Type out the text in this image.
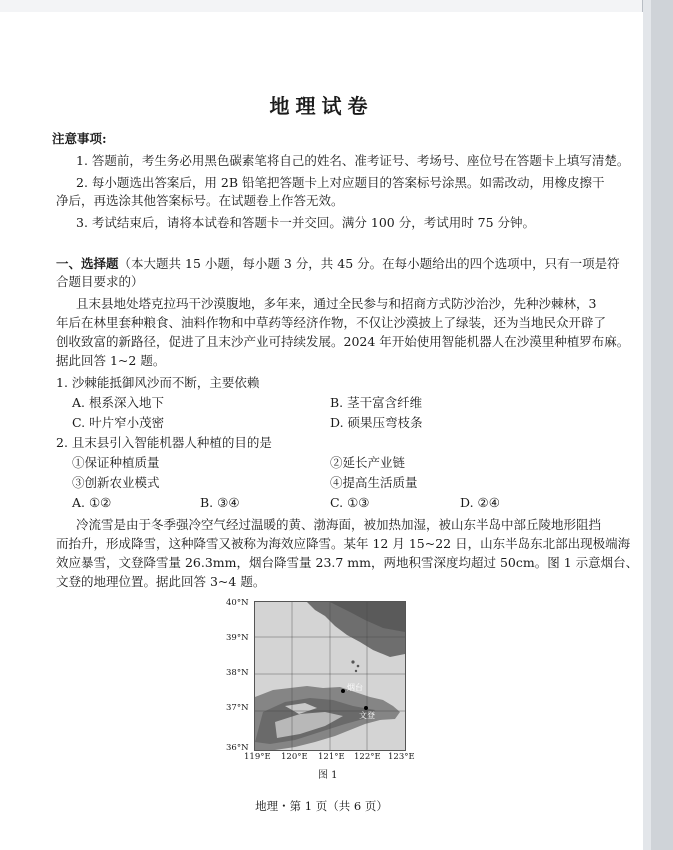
地理试卷
注意事项:
1. 答题前，考生务必用黑色碳素笔将自己的姓名、准考证号、考场号、座位号在答题卡上填写清楚。
2. 每小题选出答案后，用 2B 铅笔把答题卡上对应题目的答案标号涂黑。如需改动，用橡皮擦干
净后，再选涂其他答案标号。在试题卷上作答无效。
3. 考试结束后，请将本试卷和答题卡一并交回。满分 100 分，考试用时 75 分钟。
一、选择题（本大题共 15 小题，每小题 3 分，共 45 分。在每小题给出的四个选项中，只有一项是符
合题目要求的）
且末县地处塔克拉玛干沙漠腹地，多年来，通过全民参与和招商方式防沙治沙，先种沙棘林，3
年后在林里套种粮食、油料作物和中草药等经济作物，不仅让沙漠披上了绿装，还为当地民众开辟了
创收致富的新路径，促进了且末沙产业可持续发展。2024 年开始使用智能机器人在沙漠里种植罗布麻。
据此回答 1~2 题。
1. 沙棘能抵御风沙而不断，主要依赖
A. 根系深入地下	B. 茎干富含纤维
C. 叶片窄小茂密	D. 硕果压弯枝条
2. 且末县引入智能机器人种植的目的是
①保证种植质量	②延长产业链
③创新农业模式	④提高生活质量
A. ①②	B. ③④	C. ①③	D. ②④
冷流雪是由于冬季强冷空气经过温暖的黄、渤海面，被加热加湿，被山东半岛中部丘陵地形阻挡
而抬升，形成降雪，这种降雪又被称为海效应降雪。某年 12 月 15~22 日，山东半岛东北部出现极端海
效应暴雪，文登降雪量 26.3mm，烟台降雪量 23.7 mm，两地积雪深度均超过 50cm。图 1 示意烟台、
文登的地理位置。据此回答 3~4 题。
40°N
39°N
38°N
37°N
36°N
烟台
文登
119°E 120°E 121°E 122°E 123°E
图 1
地理・第 1 页（共 6 页）
